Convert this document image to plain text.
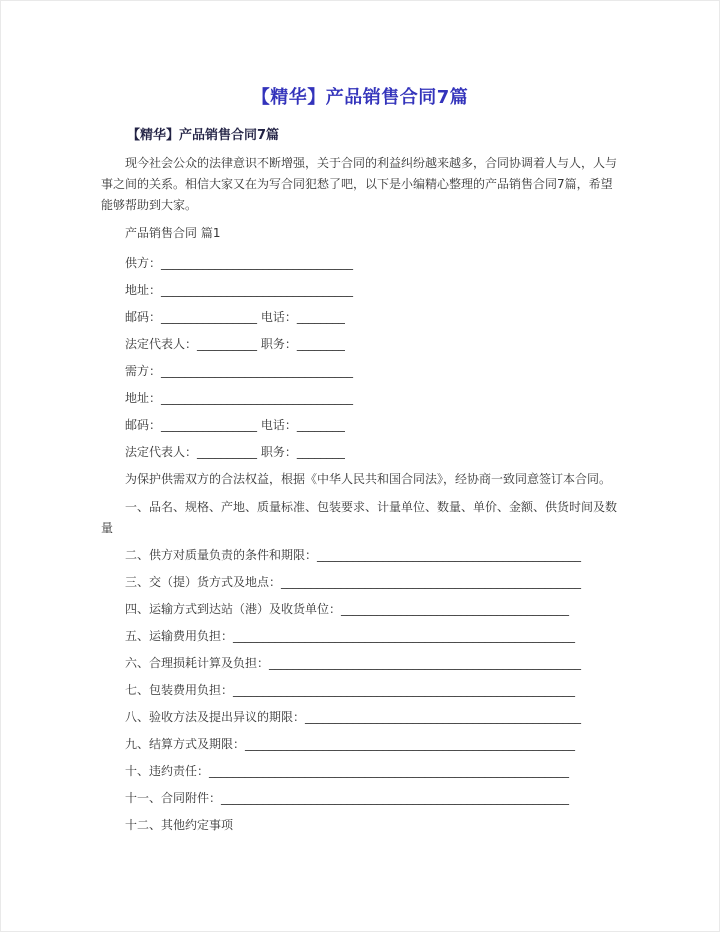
【精华】产品销售合同7篇

【精华】产品销售合同7篇

现今社会公众的法律意识不断增强，关于合同的利益纠纷越来越多，合同协调着人与人，人与事之间的关系。相信大家又在为写合同犯愁了吧，以下是小编精心整理的产品销售合同7篇，希望能够帮助到大家。

产品销售合同 篇1

供方：________________________________

地址：________________________________

邮码：________________ 电话：________

法定代表人：__________ 职务：________

需方：________________________________

地址：________________________________

邮码：________________ 电话：________

法定代表人：__________ 职务：________

为保护供需双方的合法权益，根据《中华人民共和国合同法》，经协商一致同意签订本合同。

一、品名、规格、产地、质量标准、包装要求、计量单位、数量、单价、金额、供货时间及数量

二、供方对质量负责的条件和期限：____________________________________________

三、交（提）货方式及地点：__________________________________________________

四、运输方式到达站（港）及收货单位：______________________________________

五、运输费用负担：_________________________________________________________

六、合理损耗计算及负担：____________________________________________________

七、包装费用负担：_________________________________________________________

八、验收方法及提出异议的期限：______________________________________________

九、结算方式及期限：_______________________________________________________

十、违约责任：____________________________________________________________

十一、合同附件：__________________________________________________________

十二、其他约定事项
